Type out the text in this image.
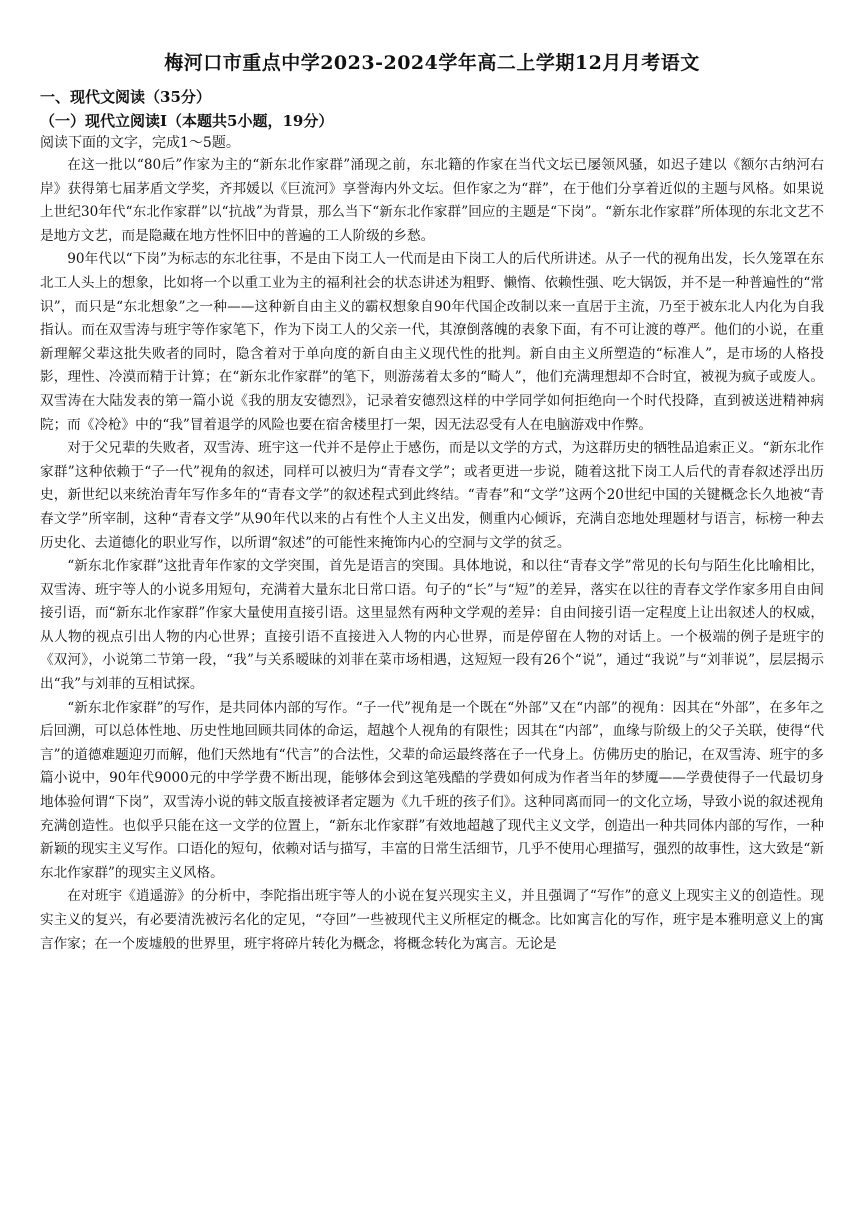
梅河口市重点中学2023-2024学年高二上学期12月月考语文
一、现代文阅读（35分）
（一）现代立阅读Ⅰ（本题共5小题，19分）
阅读下面的文字，完成1～5题。

在这一批以“80后”作家为主的“新东北作家群”涌现之前，东北籍的作家在当代文坛已屡领风骚，如迟子建以《额尔古纳河右岸》获得第七届茅盾文学奖，齐邦媛以《巨流河》享誉海内外文坛。但作家之为“群”，在于他们分享着近似的主题与风格。如果说上世纪30年代“东北作家群”以“抗战”为背景，那么当下“新东北作家群”回应的主题是“下岗”。“新东北作家群”所体现的东北文艺不是地方文艺，而是隐藏在地方性怀旧中的普遍的工人阶级的乡愁。

90年代以“下岗”为标志的东北往事，不是由下岗工人一代而是由下岗工人的后代所讲述。从子一代的视角出发，长久笼罩在东北工人头上的想象，比如将一个以重工业为主的福利社会的状态讲述为粗野、懒惰、依赖性强、吃大锅饭，并不是一种普遍性的“常识”，而只是“东北想象”之一种——这种新自由主义的霸权想象自90年代国企改制以来一直居于主流，乃至于被东北人内化为自我指认。而在双雪涛与班宇等作家笔下，作为下岗工人的父亲一代，其潦倒落魄的表象下面，有不可让渡的尊严。他们的小说，在重新理解父辈这批失败者的同时，隐含着对于单向度的新自由主义现代性的批判。新自由主义所塑造的“标准人”，是市场的人格投影，理性、冷漠而精于计算；在“新东北作家群”的笔下，则游荡着太多的“畸人”，他们充满理想却不合时宜，被视为疯子或废人。双雪涛在大陆发表的第一篇小说《我的朋友安德烈》，记录着安德烈这样的中学同学如何拒绝向一个时代投降，直到被送进精神病院；而《冷枪》中的“我”冒着退学的风险也要在宿舍楼里打一架，因无法忍受有人在电脑游戏中作弊。

对于父兄辈的失败者，双雪涛、班宇这一代并不是停止于感伤，而是以文学的方式，为这群历史的牺牲品追索正义。“新东北作家群”这种依赖于“子一代”视角的叙述，同样可以被归为“青春文学”；或者更进一步说，随着这批下岗工人后代的青春叙述浮出历史，新世纪以来统治青年写作多年的“青春文学”的叙述程式到此终结。“青春”和“文学”这两个20世纪中国的关键概念长久地被“青春文学”所宰制，这种“青春文学”从90年代以来的占有性个人主义出发，侧重内心倾诉，充满自恋地处理题材与语言，标榜一种去历史化、去道德化的职业写作，以所谓“叙述”的可能性来掩饰内心的空洞与文学的贫乏。

“新东北作家群”这批青年作家的文学突围，首先是语言的突围。具体地说，和以往“青春文学”常见的长句与陌生化比喻相比，双雪涛、班宇等人的小说多用短句，充满着大量东北日常口语。句子的“长”与“短”的差异，落实在以往的青春文学作家多用自由间接引语，而“新东北作家群”作家大量使用直接引语。这里显然有两种文学观的差异：自由间接引语一定程度上让出叙述人的权威，从人物的视点引出人物的内心世界；直接引语不直接进入人物的内心世界，而是停留在人物的对话上。一个极端的例子是班宇的《双河》，小说第二节第一段，“我”与关系暧昧的刘菲在菜市场相遇，这短短一段有26个“说”，通过“我说”与“刘菲说”，层层揭示出“我”与刘菲的互相试探。

“新东北作家群”的写作，是共同体内部的写作。“子一代”视角是一个既在“外部”又在“内部”的视角：因其在“外部”，在多年之后回溯，可以总体性地、历史性地回顾共同体的命运，超越个人视角的有限性；因其在“内部”，血缘与阶级上的父子关联，使得“代言”的道德难题迎刃而解，他们天然地有“代言”的合法性，父辈的命运最终落在子一代身上。仿佛历史的胎记，在双雪涛、班宇的多篇小说中，90年代9000元的中学学费不断出现，能够体会到这笔残酷的学费如何成为作者当年的梦魇——学费使得子一代最切身地体验何谓“下岗”，双雪涛小说的韩文版直接被译者定题为《九千班的孩子们》。这种同离而同一的文化立场，导致小说的叙述视角充满创造性。也似乎只能在这一文学的位置上，“新东北作家群”有效地超越了现代主义文学，创造出一种共同体内部的写作，一种新颖的现实主义写作。口语化的短句，依赖对话与描写，丰富的日常生活细节，几乎不使用心理描写，强烈的故事性，这大致是“新东北作家群”的现实主义风格。

在对班宇《逍遥游》的分析中，李陀指出班宇等人的小说在复兴现实主义，并且强调了“写作”的意义上现实主义的创造性。现实主义的复兴，有必要清洗被污名化的定见，“夺回”一些被现代主义所框定的概念。比如寓言化的写作，班宇是本雅明意义上的寓言作家；在一个废墟般的世界里，班宇将碎片转化为概念，将概念转化为寓言。无论是
